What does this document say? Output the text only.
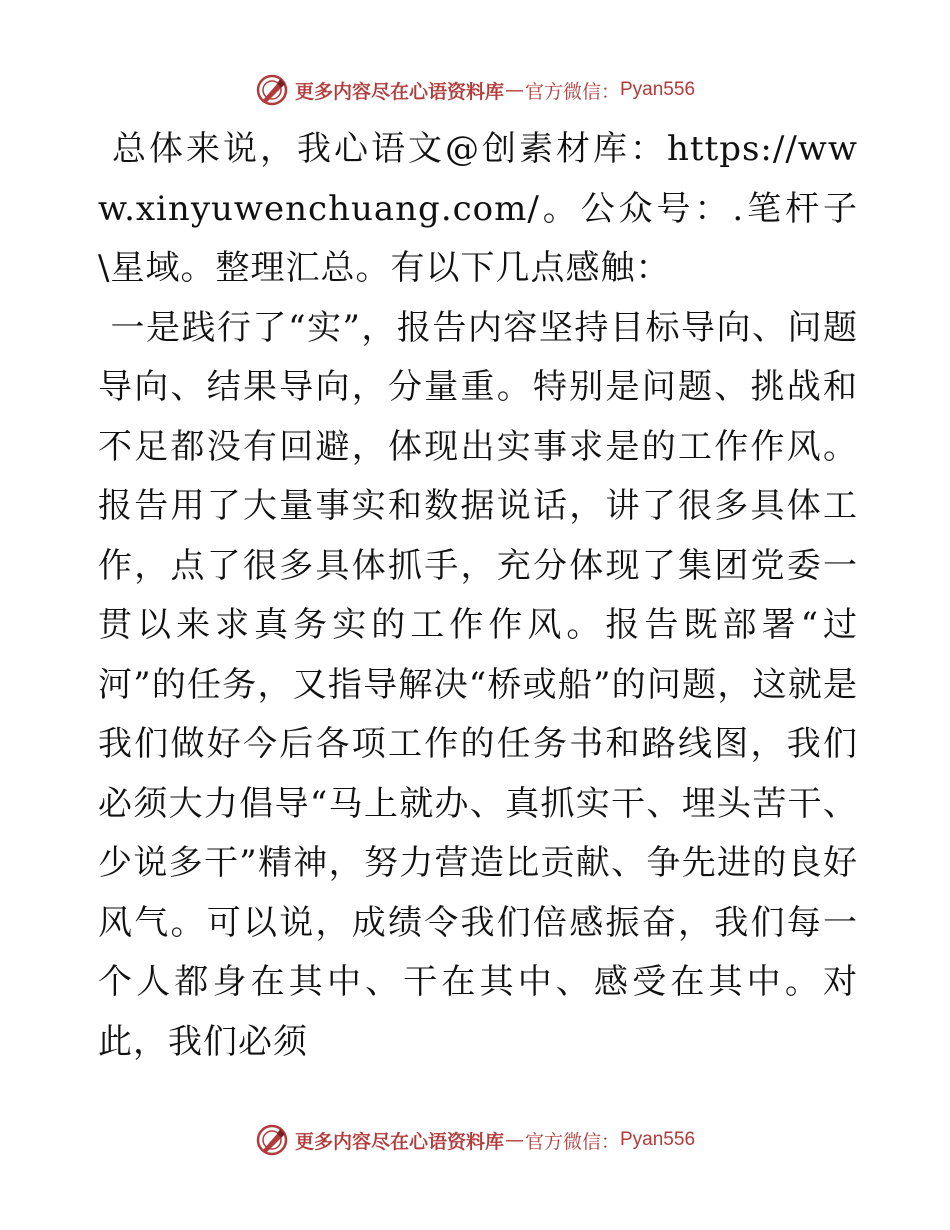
更多内容尽在心语资料库 — 官方微信： Pyan556

总体来说，我心语文@创素材库：https://www.xinyuwenchuang.com/。公众号：.笔杆子\星域。整理汇总。有以下几点感触：

一是践行了“实”，报告内容坚持目标导向、问题导向、结果导向，分量重。特别是问题、挑战和不足都没有回避，体现出实事求是的工作作风。报告用了大量事实和数据说话，讲了很多具体工作，点了很多具体抓手，充分体现了集团党委一贯以来求真务实的工作作风。报告既部署“过河”的任务，又指导解决“桥或船”的问题，这就是我们做好今后各项工作的任务书和路线图，我们必须大力倡导“马上就办、真抓实干、埋头苦干、少说多干”精神，努力营造比贡献、争先进的良好风气。可以说，成绩令我们倍感振奋，我们每一个人都身在其中、干在其中、感受在其中。对此，我们必须

更多内容尽在心语资料库 — 官方微信： Pyan556
